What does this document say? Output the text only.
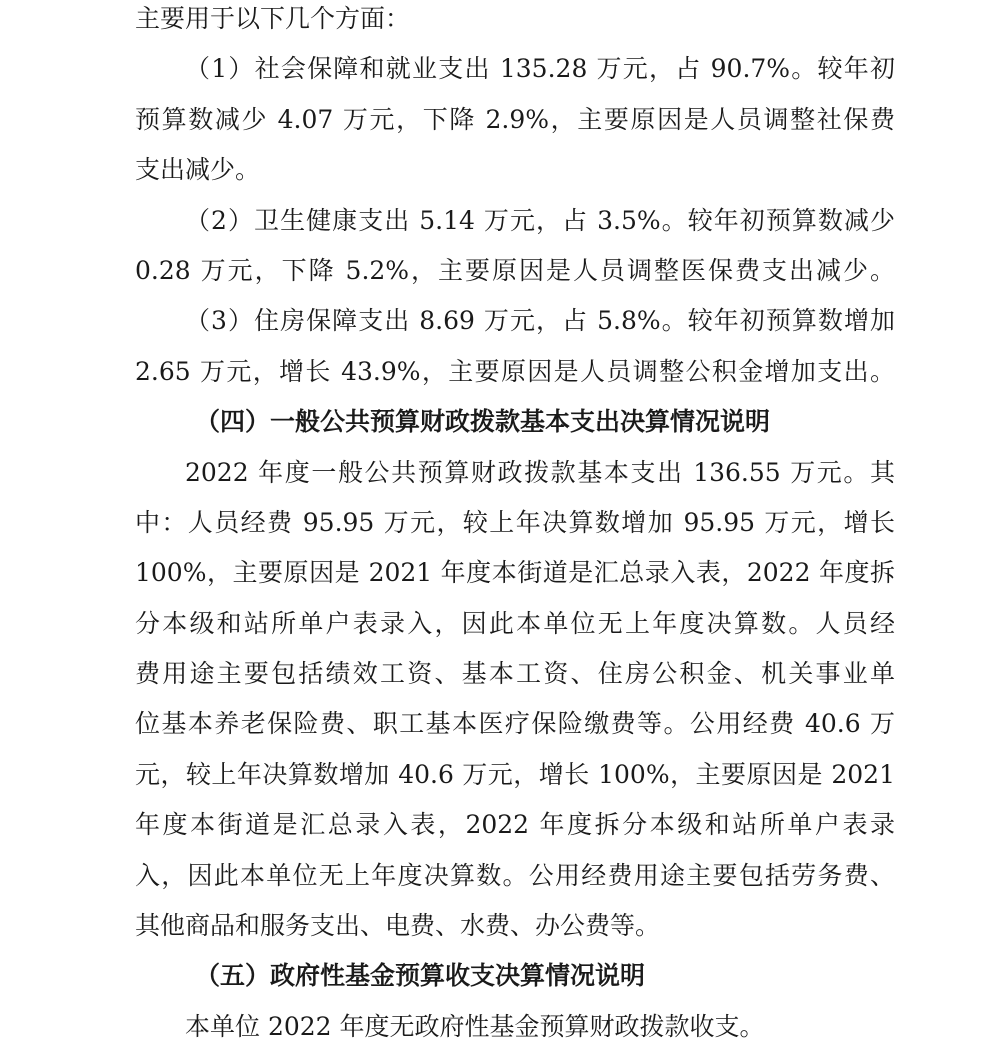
主要用于以下几个方面：
（1）社会保障和就业支出 135.28 万元，占 90.7%。较年初
预算数减少 4.07 万元，下降 2.9%，主要原因是人员调整社保费
支出减少。
（2）卫生健康支出 5.14 万元，占 3.5%。较年初预算数减少
0.28 万元，下降 5.2%，主要原因是人员调整医保费支出减少。
（3）住房保障支出 8.69 万元，占 5.8%。较年初预算数增加
2.65 万元，增长 43.9%，主要原因是人员调整公积金增加支出。
（四）一般公共预算财政拨款基本支出决算情况说明
2022 年度一般公共预算财政拨款基本支出 136.55 万元。其
中：人员经费 95.95 万元，较上年决算数增加 95.95 万元，增长
100%，主要原因是 2021 年度本街道是汇总录入表，2022 年度拆
分本级和站所单户表录入，因此本单位无上年度决算数。人员经
费用途主要包括绩效工资、基本工资、住房公积金、机关事业单
位基本养老保险费、职工基本医疗保险缴费等。公用经费 40.6 万
元，较上年决算数增加 40.6 万元，增长 100%，主要原因是 2021
年度本街道是汇总录入表，2022 年度拆分本级和站所单户表录
入，因此本单位无上年度决算数。公用经费用途主要包括劳务费、
其他商品和服务支出、电费、水费、办公费等。
（五）政府性基金预算收支决算情况说明
本单位 2022 年度无政府性基金预算财政拨款收支。
